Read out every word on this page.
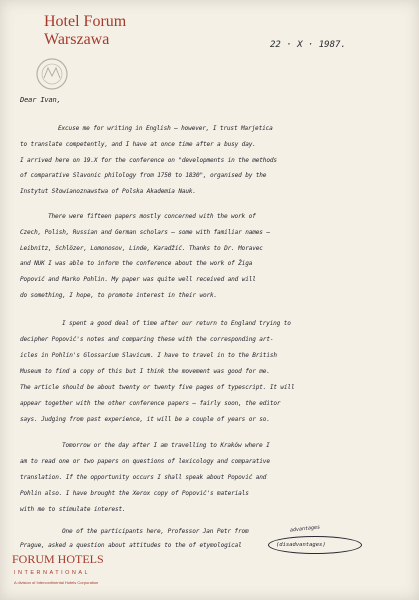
Hotel Forum
Warszawa	22 · X · 1987.

Dear Ivan,

Excuse me for writing in English – however, I trust Marjetica

to translate competently, and I have at once time after a busy day.

I arrived here on 19.X for the conference on "developments in the methods

of comparative Slavonic philology from 1750 to 1830", organised by the

Instytut Słowianoznawstwa of Polska Akademia Nauk.

There were fifteen papers mostly concerned with the work of

Czech, Polish, Russian and German scholars – some with familiar names –

Leibnitz, Schlözer, Lomonosov, Linde, Karadžić. Thanks to Dr. Moravec

and NUK I was able to inform the conference about the work of Žiga

Popović and Marko Pohlin. My paper was quite well received and will

do something, I hope, to promote interest in their work.

I spent a good deal of time after our return to England trying to

decipher Popović's notes and comparing these with the corresponding art-

icles in Pohlin's Glossarium Slavicum. I have to travel in to the British

Museum to find a copy of this but I think the movement was good for me.

The article should be about twenty or twenty five pages of typescript. It will

appear together with the other conference papers – fairly soon, the editor

says. Judging from past experience, it will be a couple of years or so.

Tomorrow or the day after I am travelling to Kraków where I

am to read one or two papers on questions of lexicology and comparative

translation. If the opportunity occurs I shall speak about Popović and

Pohlin also. I have brought the Xerox copy of Popović's materials

with me to stimulate interest.

One of the participants here, Professor Jan Petr from

Prague, asked a question about attitudes to the of etymological

advantages
(disadvantages)
FORUM HOTELS
INTERNATIONAL
A division of Intercontinental Hotels Corporation
